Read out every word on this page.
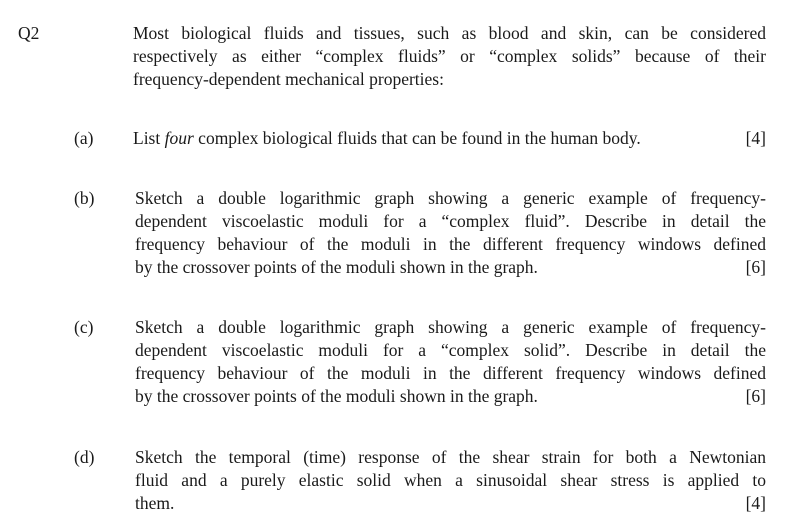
Q2	Most biological fluids and tissues, such as blood and skin, can be considered
respectively as either “complex fluids” or “complex solids” because of their
frequency-dependent mechanical properties:
(a) List four complex biological fluids that can be found in the human body.	[4]
(b) Sketch a double logarithmic graph showing a generic example of frequency-
dependent viscoelastic moduli for a “complex fluid”. Describe in detail the
frequency behaviour of the moduli in the different frequency windows defined
by the crossover points of the moduli shown in the graph.	[6]
(c) Sketch a double logarithmic graph showing a generic example of frequency-
dependent viscoelastic moduli for a “complex solid”. Describe in detail the
frequency behaviour of the moduli in the different frequency windows defined
by the crossover points of the moduli shown in the graph.	[6]
(d) Sketch the temporal (time) response of the shear strain for both a Newtonian
fluid and a purely elastic solid when a sinusoidal shear stress is applied to
them.	[4]
